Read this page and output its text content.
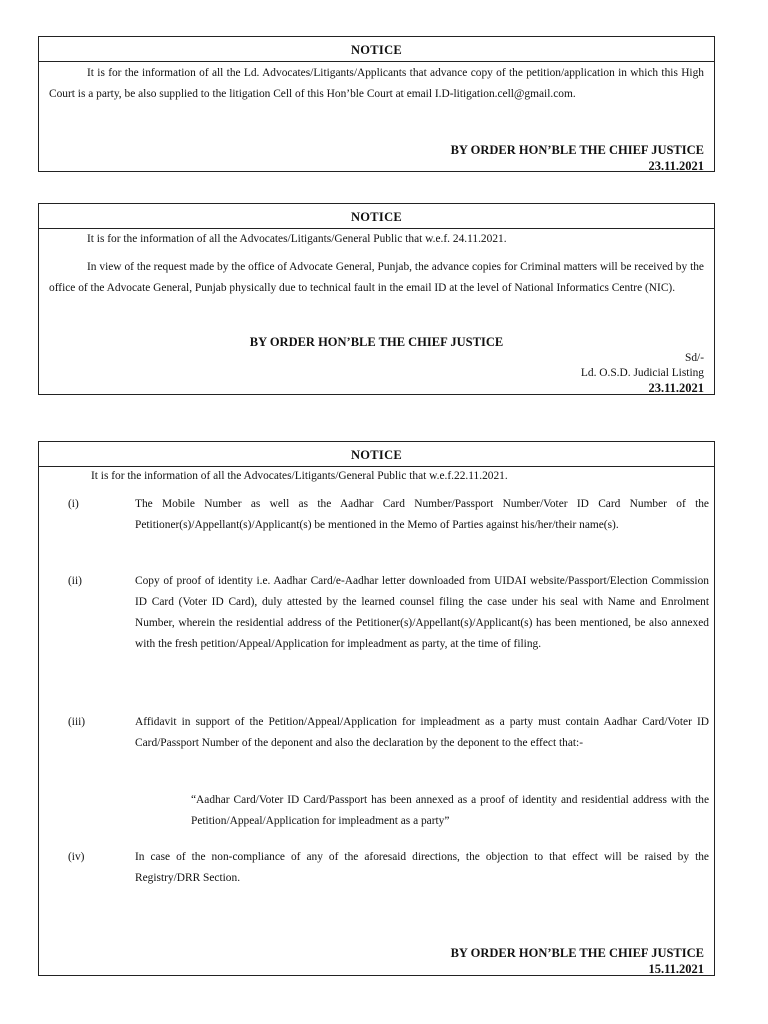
NOTICE

It is for the information of all the Ld. Advocates/Litigants/Applicants that advance copy of the petition/application in which this High Court is a party, be also supplied to the litigation Cell of this Hon’ble Court at email I.D-litigation.cell@gmail.com.

BY ORDER HON’BLE THE CHIEF JUSTICE
23.11.2021
NOTICE

It is for the information of all the Advocates/Litigants/General Public that w.e.f. 24.11.2021.

In view of the request made by the office of Advocate General, Punjab, the advance copies for Criminal matters will be received by the office of the Advocate General, Punjab physically due to technical fault in the email ID at the level of National Informatics Centre (NIC).

BY ORDER HON’BLE THE CHIEF JUSTICE
Sd/-
Ld. O.S.D. Judicial Listing
23.11.2021
NOTICE

It is for the information of all the Advocates/Litigants/General Public that w.e.f.22.11.2021.

(i)	The Mobile Number as well as the Aadhar Card Number/Passport Number/Voter ID Card Number of the Petitioner(s)/Appellant(s)/Applicant(s) be mentioned in the Memo of Parties against his/her/their name(s).
(ii)	Copy of proof of identity i.e. Aadhar Card/e-Aadhar letter downloaded from UIDAI website/Passport/Election Commission ID Card (Voter ID Card), duly attested by the learned counsel filing the case under his seal with Name and Enrolment Number, wherein the residential address of the Petitioner(s)/Appellant(s)/Applicant(s) has been mentioned, be also annexed with the fresh petition/Appeal/Application for impleadment as party, at the time of filing.
(iii)	Affidavit in support of the Petition/Appeal/Application for impleadment as a party must contain Aadhar Card/Voter ID Card/Passport Number of the deponent and also the declaration by the deponent to the effect that:-
“Aadhar Card/Voter ID Card/Passport has been annexed as a proof of identity and residential address with the Petition/Appeal/Application for impleadment as a party”
(iv)	In case of the non-compliance of any of the aforesaid directions, the objection to that effect will be raised by the Registry/DRR Section.
BY ORDER HON’BLE THE CHIEF JUSTICE
15.11.2021
